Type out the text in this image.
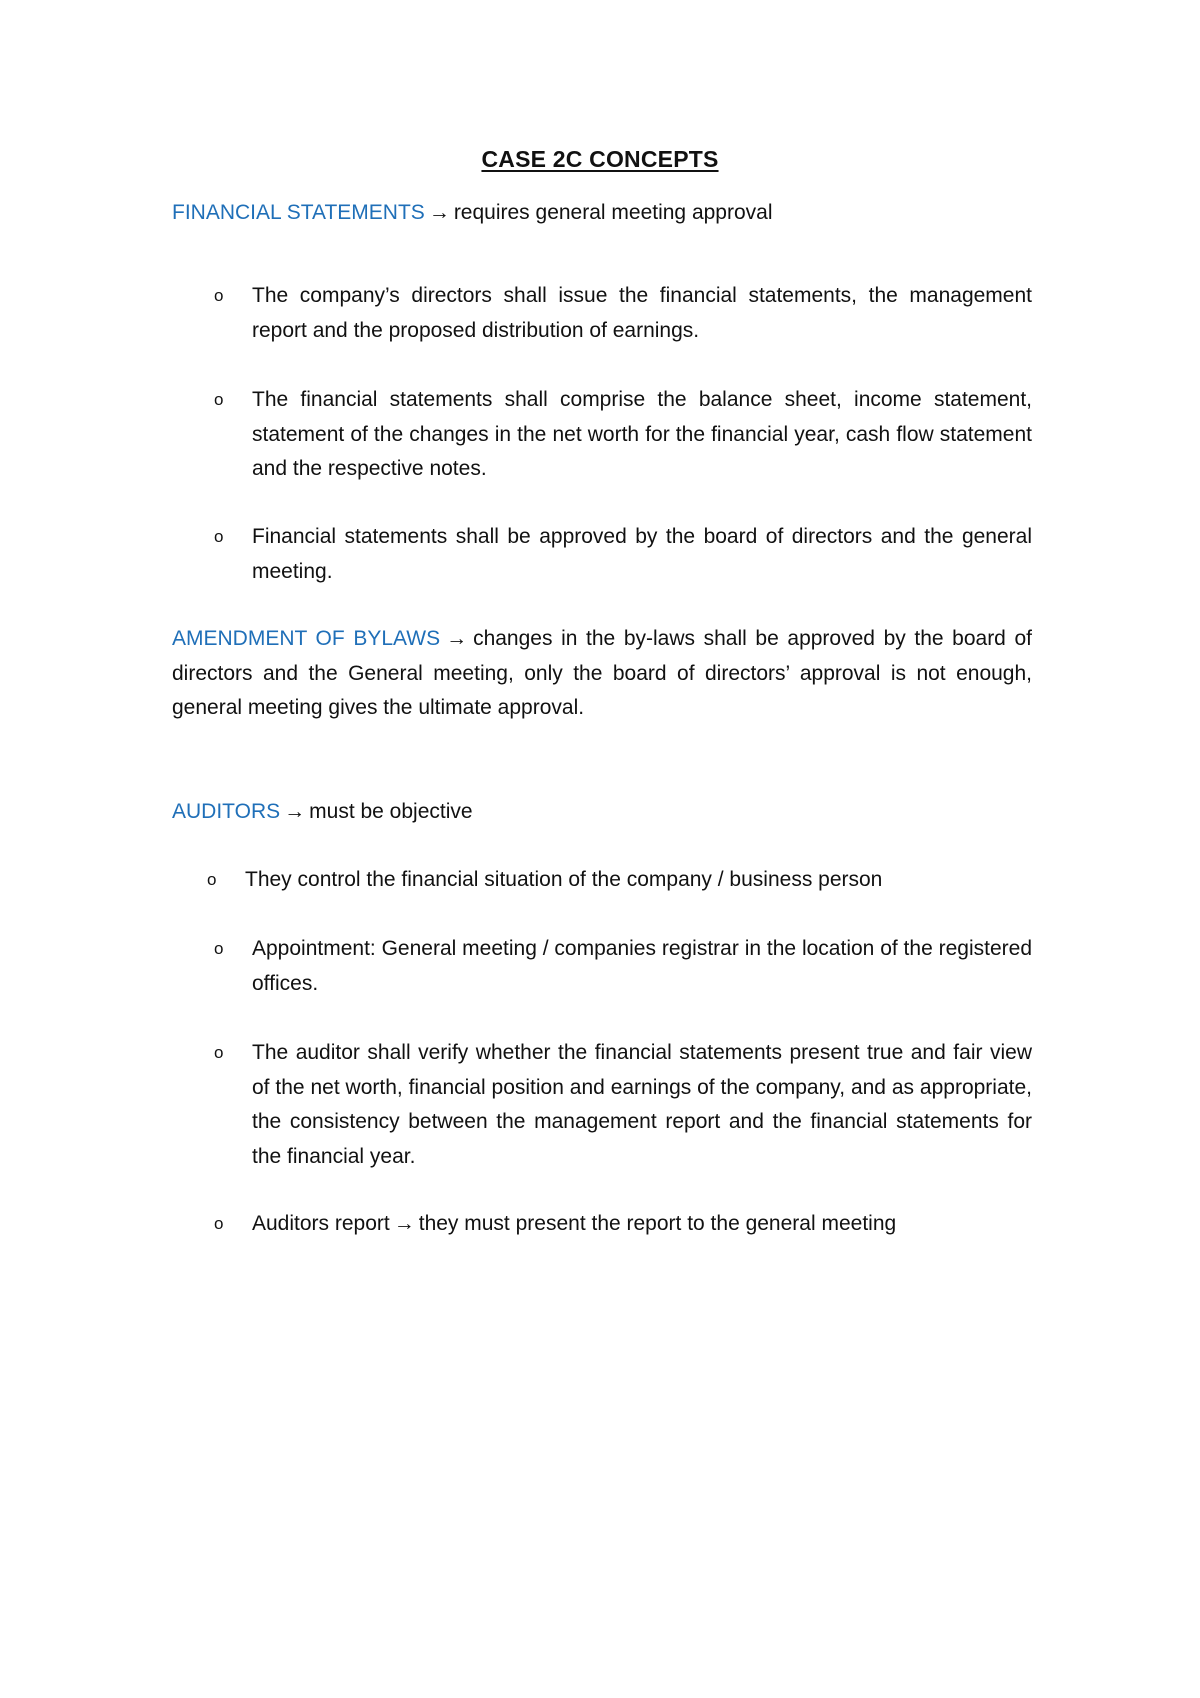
CASE 2C CONCEPTS

FINANCIAL STATEMENTS → requires general meeting approval

o	The company’s directors shall issue the financial statements, the management report and the proposed distribution of earnings.
o	The financial statements shall comprise the balance sheet, income statement, statement of the changes in the net worth for the financial year, cash flow statement and the respective notes.
o	Financial statements shall be approved by the board of directors and the general meeting.

AMENDMENT OF BYLAWS → changes in the by-laws shall be approved by the board of directors and the General meeting, only the board of directors’ approval is not enough, general meeting gives the ultimate approval.

AUDITORS → must be objective

o	They control the financial situation of the company / business person
o	Appointment: General meeting / companies registrar in the location of the registered offices.
o	The auditor shall verify whether the financial statements present true and fair view of the net worth, financial position and earnings of the company, and as appropriate, the consistency between the management report and the financial statements for the financial year.
o	Auditors report → they must present the report to the general meeting
